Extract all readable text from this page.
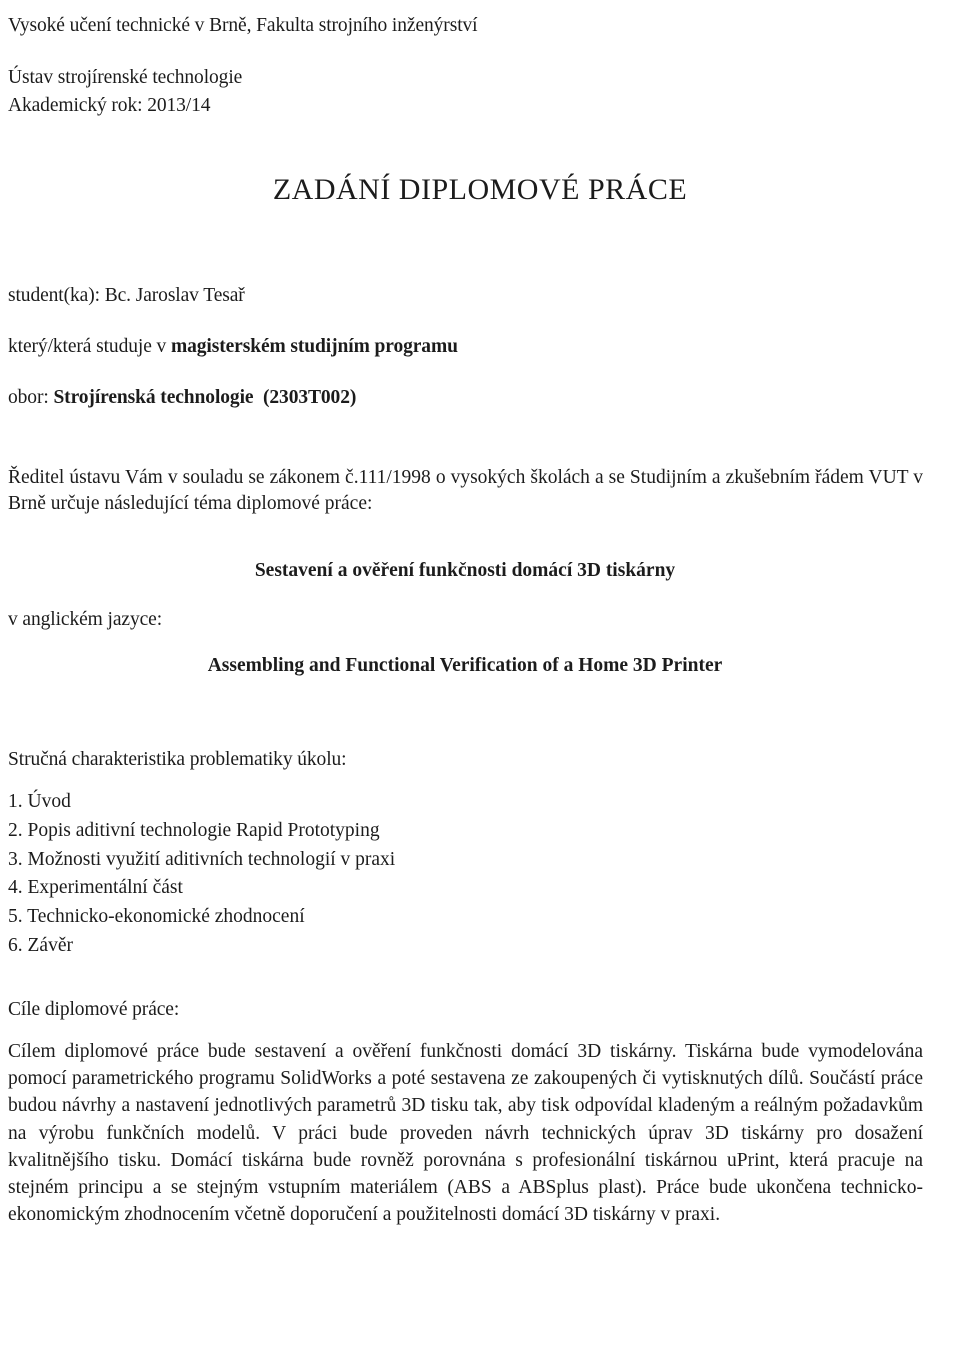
Vysoké učení technické v Brně, Fakulta strojního inženýrství
Ústav strojírenské technologie
Akademický rok: 2013/14
ZADÁNÍ DIPLOMOVÉ PRÁCE
student(ka): Bc. Jaroslav Tesař
který/která studuje v magisterském studijním programu
obor: Strojírenská technologie (2303T002)
Ředitel ústavu Vám v souladu se zákonem č.111/1998 o vysokých školách a se Studijním a zkušebním řádem VUT v Brně určuje následující téma diplomové práce:
Sestavení a ověření funkčnosti domácí 3D tiskárny
v anglickém jazyce:
Assembling and Functional Verification of a Home 3D Printer
Stručná charakteristika problematiky úkolu:
1. Úvod
2. Popis aditivní technologie Rapid Prototyping
3. Možnosti využití aditivních technologií v praxi
4. Experimentální část
5. Technicko-ekonomické zhodnocení
6. Závěr
Cíle diplomové práce:
Cílem diplomové práce bude sestavení a ověření funkčnosti domácí 3D tiskárny. Tiskárna bude vymodelována pomocí parametrického programu SolidWorks a poté sestavena ze zakoupených či vytisknutých dílů. Součástí práce budou návrhy a nastavení jednotlivých parametrů 3D tisku tak, aby tisk odpovídal kladeným a reálným požadavkům na výrobu funkčních modelů. V práci bude proveden návrh technických úprav 3D tiskárny pro dosažení kvalitnějšího tisku. Domácí tiskárna bude rovněž porovnána s profesionální tiskárnou uPrint, která pracuje na stejném principu a se stejným vstupním materiálem (ABS a ABSplus plast). Práce bude ukončena technicko-ekonomickým zhodnocením včetně doporučení a použitelnosti domácí 3D tiskárny v praxi.
